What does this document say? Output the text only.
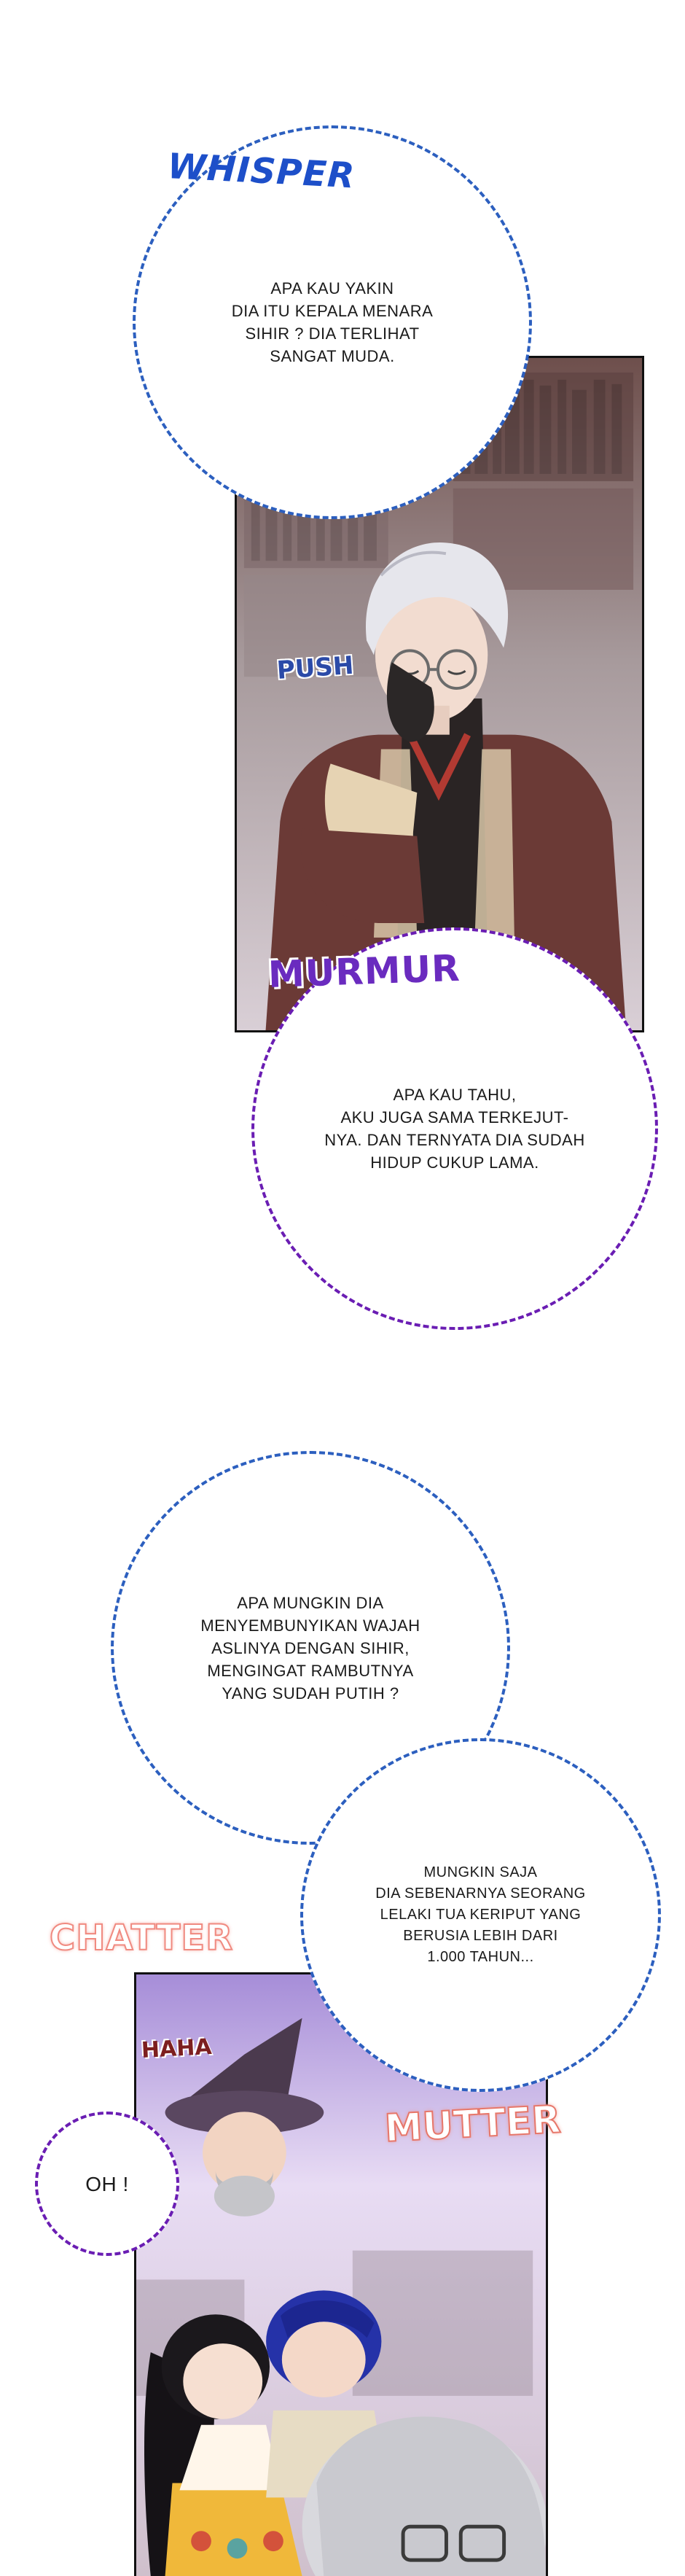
APA KAU YAKIN
DIA ITU KEPALA MENARA
SIHIR ? DIA TERLIHAT
SANGAT MUDA.
APA KAU TAHU,
AKU JUGA SAMA TERKEJUT-
NYA. DAN TERNYATA DIA SUDAH
HIDUP CUKUP LAMA.
APA MUNGKIN DIA
MENYEMBUNYIKAN WAJAH
ASLINYA DENGAN SIHIR,
MENGINGAT RAMBUTNYA
YANG SUDAH PUTIH ?
MUNGKIN SAJA
DIA SEBENARNYA SEORANG
LELAKI TUA KERIPUT YANG
BERUSIA LEBIH DARI
1.000 TAHUN...
OH !
WHISPER
PUSH
MURMUR
CHATTER
HAHA
MUTTER
